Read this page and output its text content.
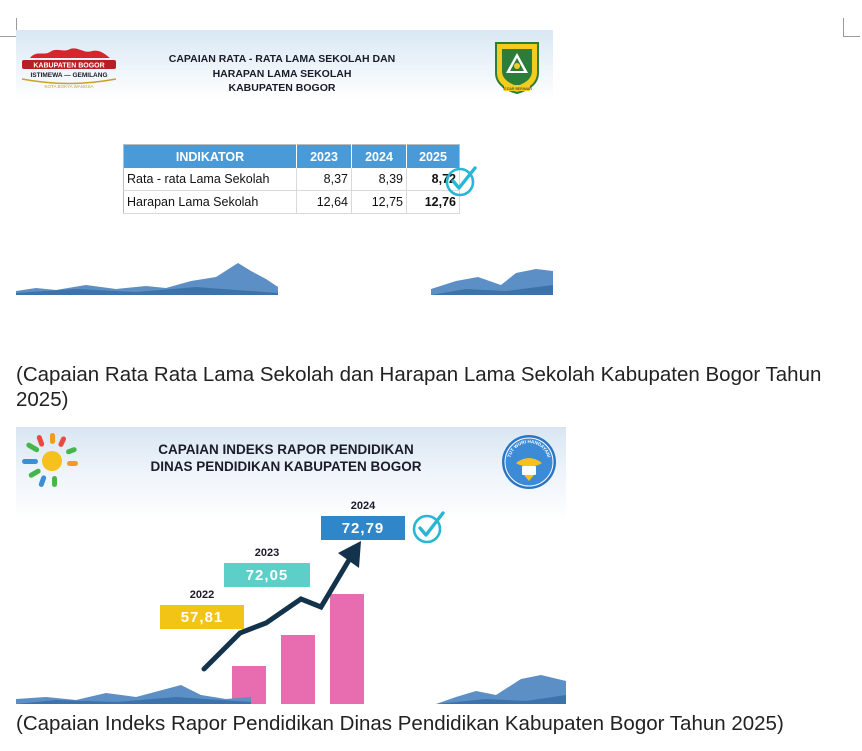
KABUPATEN BOGOR
ISTIMEWA — GEMILANG
KOTA BOKYA WANGSA
CAPAIAN RATA - RATA LAMA SEKOLAH DAN
HARAPAN LAMA SEKOLAH
KABUPATEN BOGOR	TEGAR BERIMAN
INDIKATOR	2023	2024	2025
Rata - rata Lama Sekolah	8,37	8,39	8,72
Harapan Lama Sekolah	12,64	12,75	12,76
(Capaian Rata Rata Lama Sekolah dan Harapan Lama Sekolah Kabupaten Bogor Tahun 2025)
CAPAIAN INDEKS RAPOR PENDIDIKAN
DINAS PENDIDIKAN KABUPATEN BOGOR
TUT WURI HANDAYANI
2022
57,81
2023
72,05
2024
72,79
(Capaian Indeks Rapor Pendidikan Dinas Pendidikan Kabupaten Bogor Tahun 2025)
